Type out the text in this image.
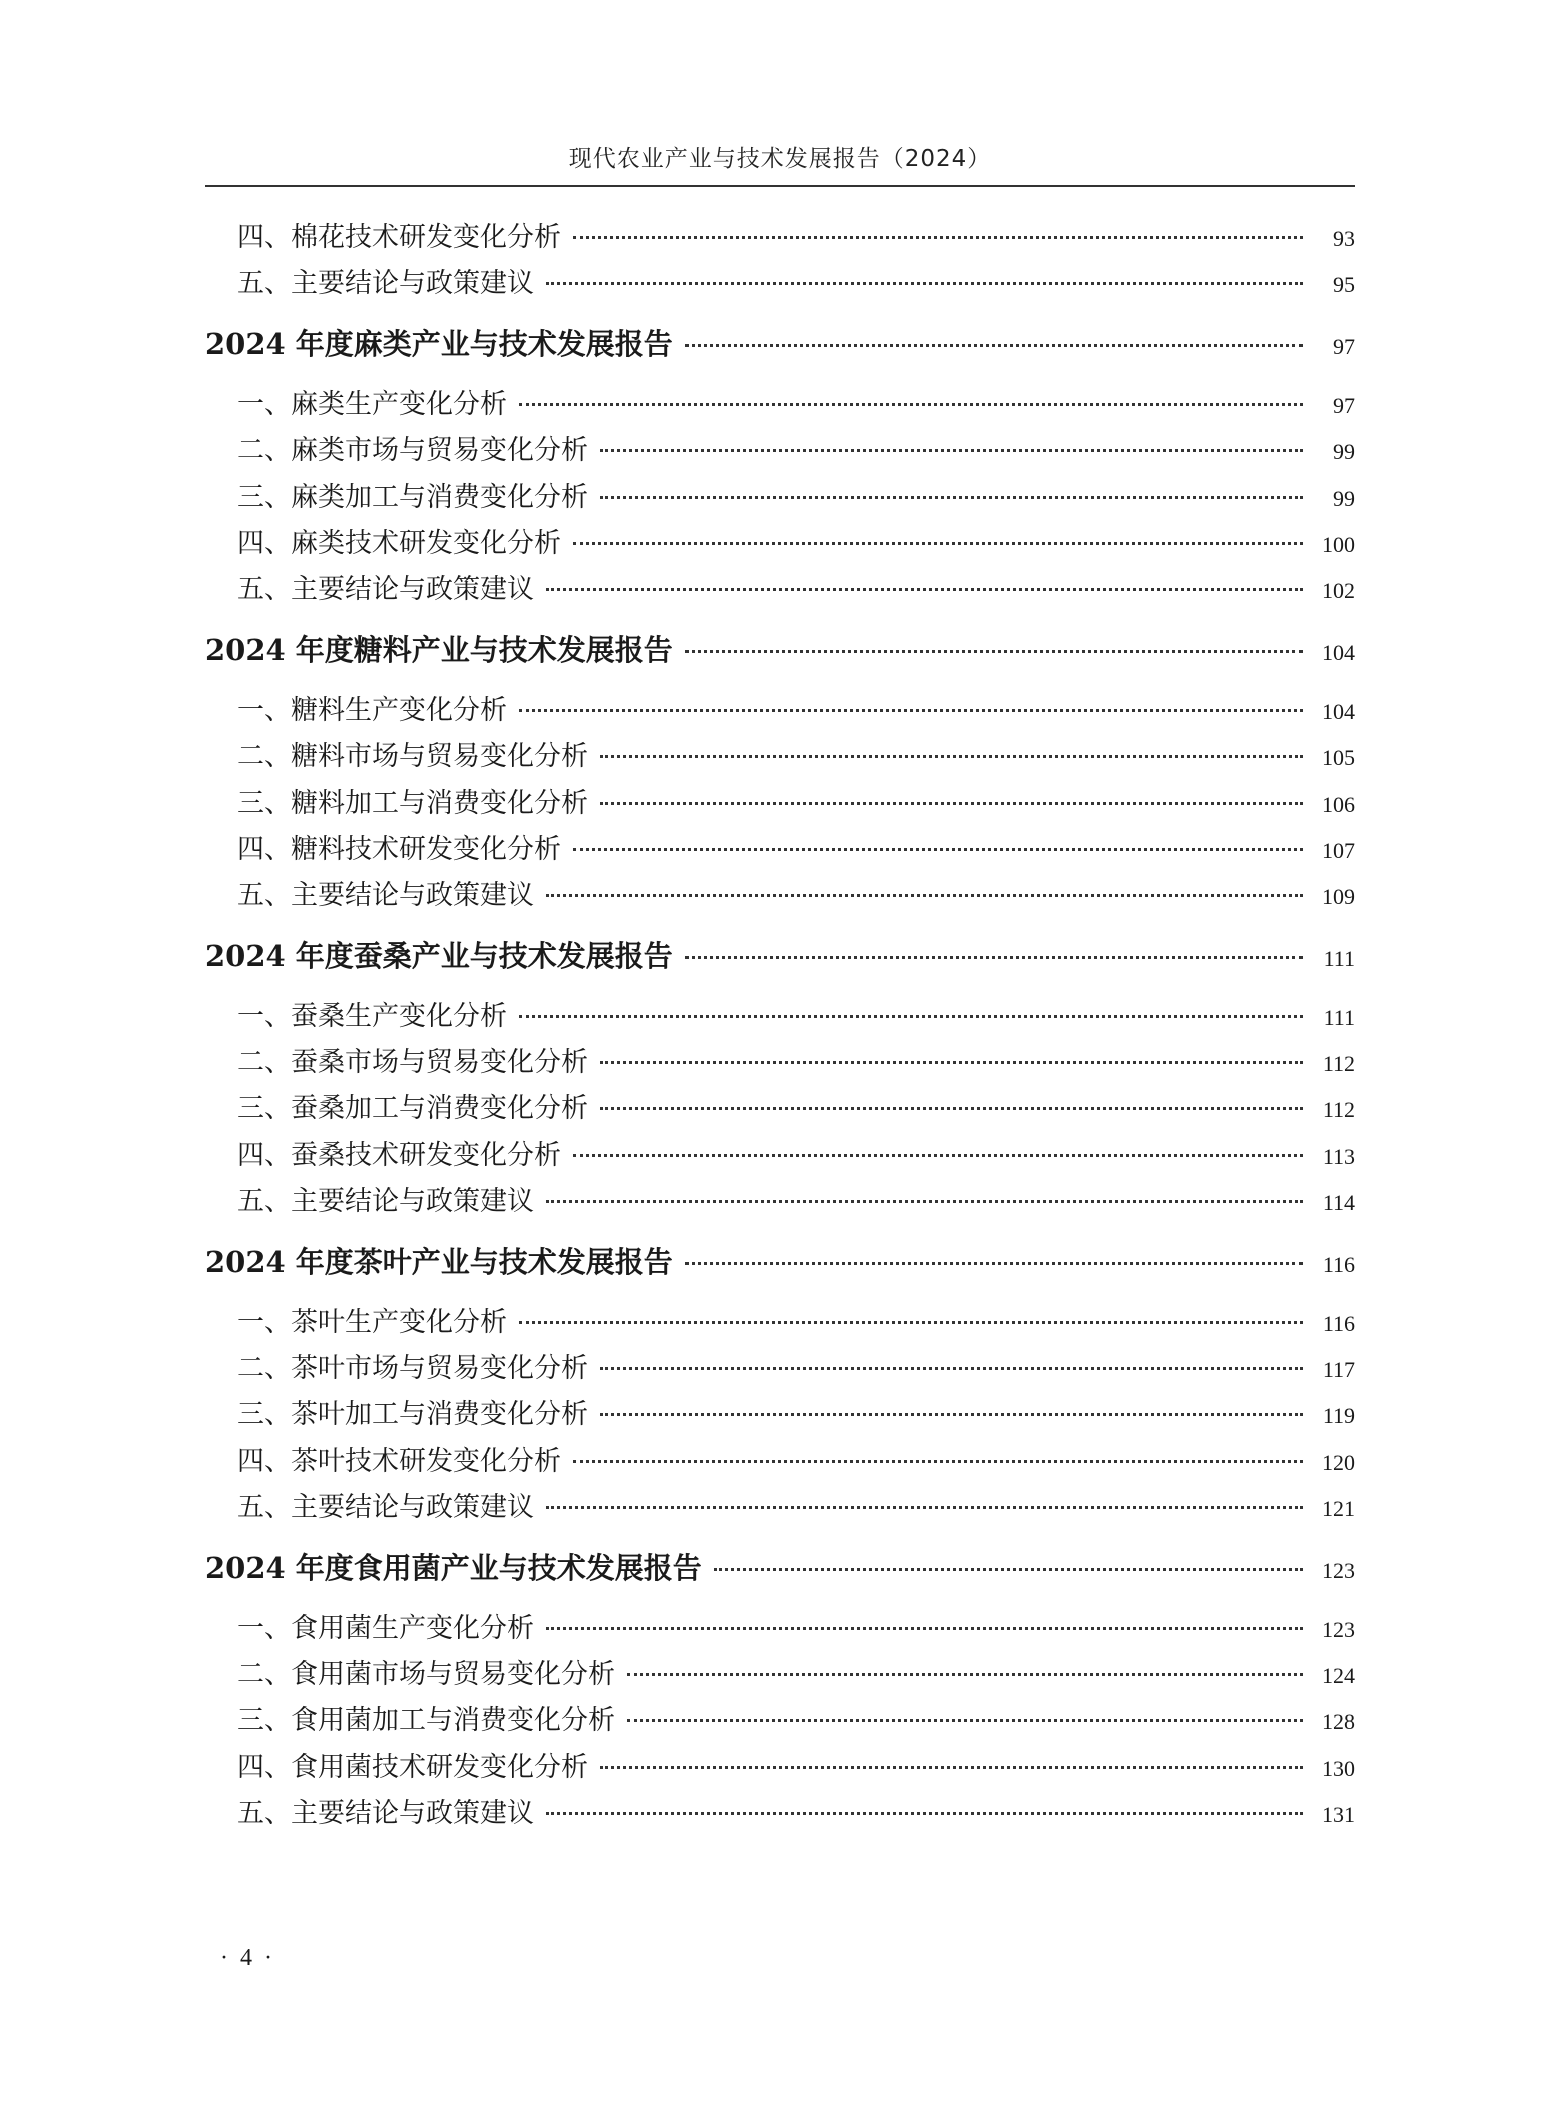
现代农业产业与技术发展报告（2024）
四、棉花技术研发变化分析	93
五、主要结论与政策建议	95
2024 年度麻类产业与技术发展报告	97
一、麻类生产变化分析	97
二、麻类市场与贸易变化分析	99
三、麻类加工与消费变化分析	99
四、麻类技术研发变化分析	100
五、主要结论与政策建议	102
2024 年度糖料产业与技术发展报告	104
一、糖料生产变化分析	104
二、糖料市场与贸易变化分析	105
三、糖料加工与消费变化分析	106
四、糖料技术研发变化分析	107
五、主要结论与政策建议	109
2024 年度蚕桑产业与技术发展报告	111
一、蚕桑生产变化分析	111
二、蚕桑市场与贸易变化分析	112
三、蚕桑加工与消费变化分析	112
四、蚕桑技术研发变化分析	113
五、主要结论与政策建议	114
2024 年度茶叶产业与技术发展报告	116
一、茶叶生产变化分析	116
二、茶叶市场与贸易变化分析	117
三、茶叶加工与消费变化分析	119
四、茶叶技术研发变化分析	120
五、主要结论与政策建议	121
2024 年度食用菌产业与技术发展报告	123
一、食用菌生产变化分析	123
二、食用菌市场与贸易变化分析	124
三、食用菌加工与消费变化分析	128
四、食用菌技术研发变化分析	130
五、主要结论与政策建议	131
· 4 ·
